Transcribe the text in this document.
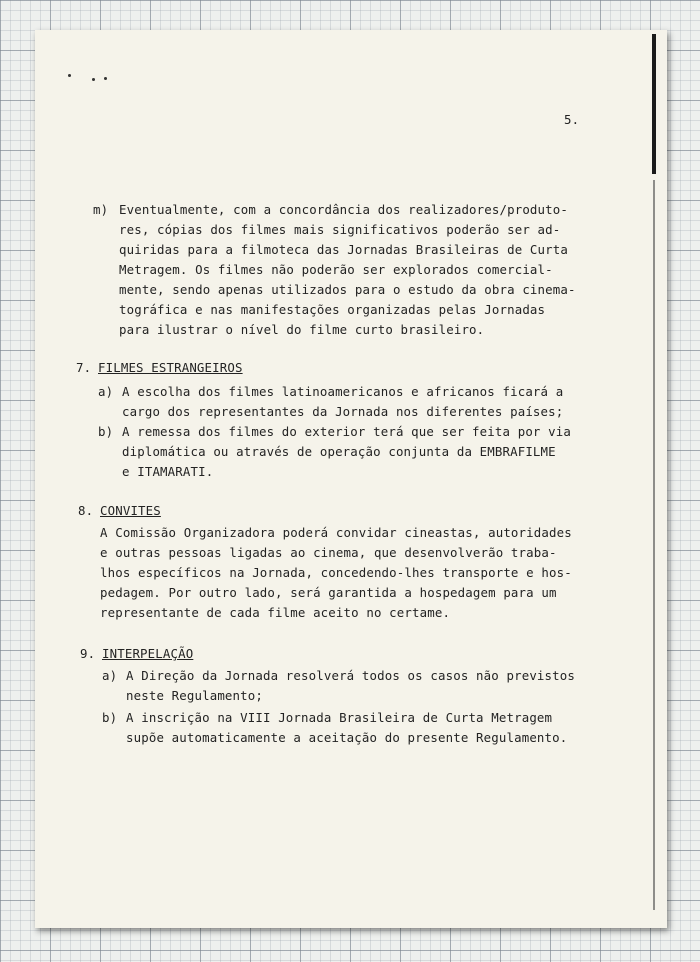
5.
m) Eventualmente, com a concordância dos realizadores/produto-
res, cópias dos filmes mais significativos poderão ser ad-
quiridas para a filmoteca das Jornadas Brasileiras de Curta
Metragem. Os filmes não poderão ser explorados comercial-
mente, sendo apenas utilizados para o estudo da obra cinema-
tográfica e nas manifestações organizadas pelas Jornadas
para ilustrar o nível do filme curto brasileiro.
7. FILMES ESTRANGEIROS
a) A escolha dos filmes latinoamericanos e africanos ficará a
cargo dos representantes da Jornada nos diferentes países;
b) A remessa dos filmes do exterior terá que ser feita por via
diplomática ou através de operação conjunta da EMBRAFILME
e ITAMARATI.
8. CONVITES
A Comissão Organizadora poderá convidar cineastas, autoridades
e outras pessoas ligadas ao cinema, que desenvolverão traba-
lhos específicos na Jornada, concedendo-lhes transporte e hos-
pedagem. Por outro lado, será garantida a hospedagem para um
representante de cada filme aceito no certame.
9. INTERPELAÇÃO
a) A Direção da Jornada resolverá todos os casos não previstos
neste Regulamento;
b) A inscrição na VIII Jornada Brasileira de Curta Metragem
supõe automaticamente a aceitação do presente Regulamento.
